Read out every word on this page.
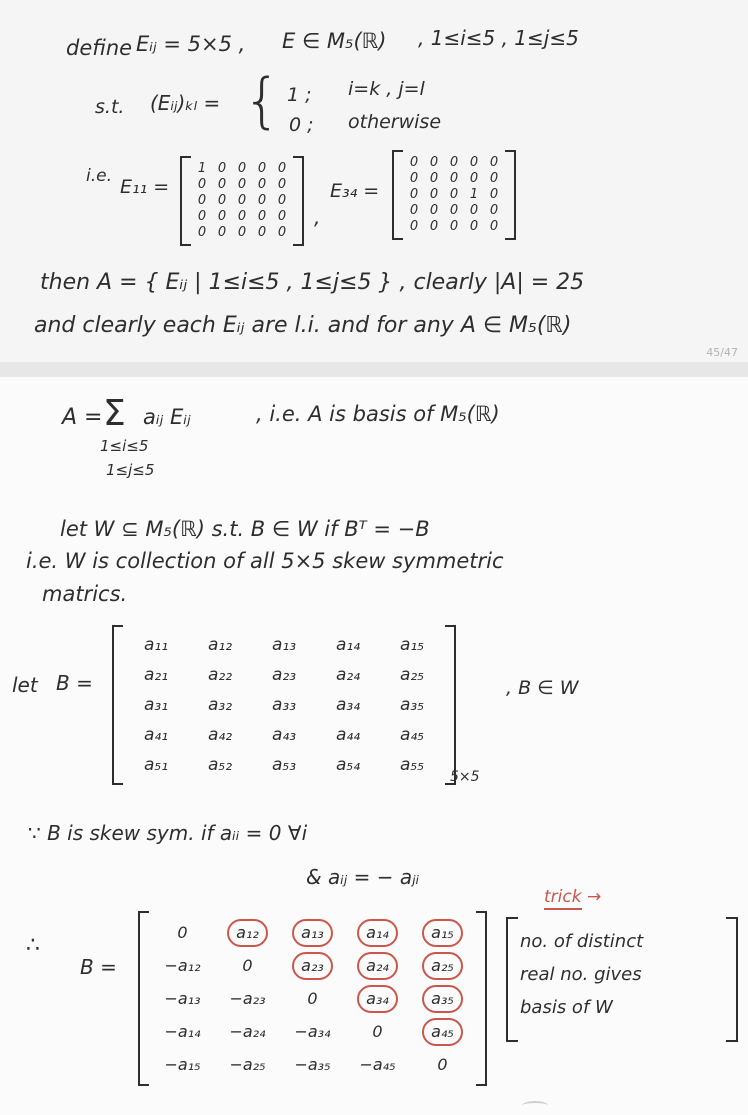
define Eᵢⱼ = 5×5 , E ∈ M₅(ℝ) , 1≤i≤5 , 1≤j≤5
s.t. (Eᵢⱼ)ₖₗ = { 1 ; i=k , j=l
0 ; otherwise
i.e. E₁₁ =
1 0 0 0 0
0 0 0 0 0
0 0 0 0 0
0 0 0 0 0
0 0 0 0 0
,
E₃₄ =
0 0 0 0 0
0 0 0 0 0
0 0 0 1 0
0 0 0 0 0
0 0 0 0 0
then A = { Eᵢⱼ | 1≤i≤5 , 1≤j≤5 } , clearly |A| = 25
and clearly each Eᵢⱼ are l.i. and for any A ∈ M₅(ℝ)
45/47
A = Σ aᵢⱼ Eᵢⱼ	, i.e. A is basis of M₅(ℝ)
1≤i≤5
1≤j≤5
let W ⊆ M₅(ℝ) s.t. B ∈ W if Bᵀ = −B
i.e. W is collection of all 5×5 skew symmetric
matrics.
let B =
a₁₁	a₁₂	a₁₃	a₁₄	a₁₅
a₂₁	a₂₂	a₂₃	a₂₄	a₂₅
a₃₁	a₃₂	a₃₃	a₃₄	a₃₅
a₄₁	a₄₂	a₄₃	a₄₄	a₄₅
a₅₁	a₅₂	a₅₃	a₅₄	a₅₅
5×5
, B ∈ W
∵ B is skew sym. if aᵢᵢ = 0 ∀i
& aᵢⱼ = − aⱼᵢ
trick →
∴
B =
0	a₁₂	a₁₃	a₁₄	a₁₅
−a₁₂	0	a₂₃	a₂₄	a₂₅
−a₁₃	−a₂₃	0	a₃₄	a₃₅
−a₁₄	−a₂₄	−a₃₄	0	a₄₅
−a₁₅	−a₂₅	−a₃₅	−a₄₅	0
no. of distinct
real no. gives
basis of W
